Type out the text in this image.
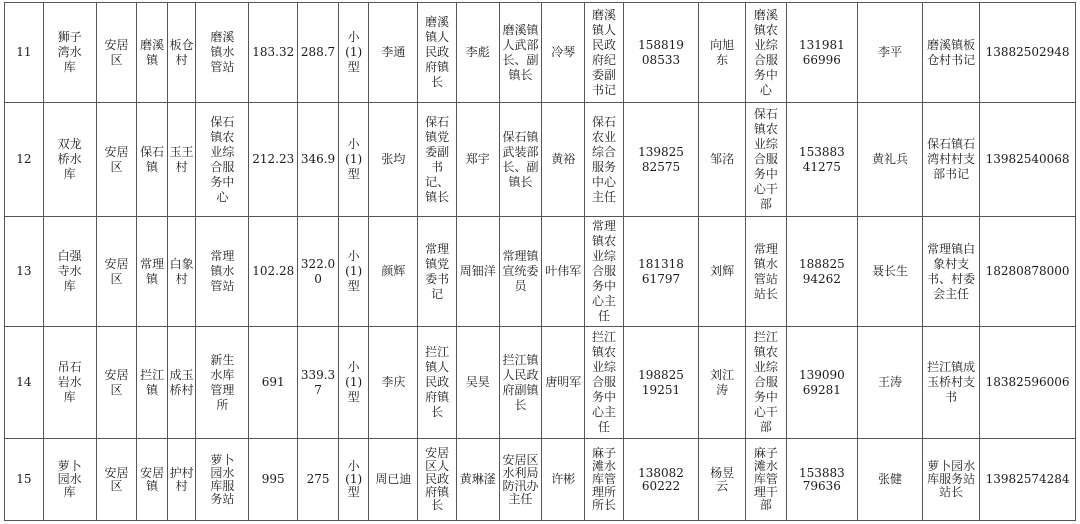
11	狮子湾水库	安居区	磨溪镇	板仓村	磨溪镇水管站	183.32	288.7	小(1)型	李通	磨溪镇人民政府镇长	李彪	磨溪镇人武部长、副镇长	冷琴	磨溪镇人民政府纪委副书记	15881908533	向旭东	磨溪镇农业综合服务中心	13198166996	李平	磨溪镇板仓村书记	13882502948
12	双龙桥水库	安居区	保石镇	玉王村	保石镇农业综合服务中心	212.23	346.9	小(1)型	张均	保石镇党委副书记、镇长	郑宇	保石镇武装部长、副镇长	黄裕	保石农业综合服务中心主任	13982582575	邹洺	保石镇农业综合服务中心干部	15388341275	黄礼兵	保石镇石湾村村支部书记	13982540068
13	白强寺水库	安居区	常理镇	白象村	常理镇水管站	102.28	322.00	小(1)型	颜辉	常理镇党委书记	周钿洋	常理镇宣统委员	叶伟军	常理镇农业综合服务中心主任	18131861797	刘辉	常理镇水管站站长	18882594262	聂长生	常理镇白象村支书、村委会主任	18280878000
14	吊石岩水库	安居区	拦江镇	成玉桥村	新生水库管理所	691	339.37	小(1)型	李庆	拦江镇人民政府镇长	吴昊	拦江镇人民政府副镇长	唐明军	拦江镇农业综合服务中心主任	19882519251	刘江涛	拦江镇农业综合服务中心干部	13909069281	王涛	拦江镇成玉桥村支书	18382596006
15	萝卜园水库	安居区	安居镇	护村村	萝卜园水库服务站	995	275	小(1)型	周已迪	安居区人民政府镇长	黄琳滏	安居区水利局防汛办主任	许彬	麻子滩水库管理所所长	13808260222	杨昱云	麻子滩水库管理干部	15388379636	张健	萝卜园水库服务站站长	13982574284
